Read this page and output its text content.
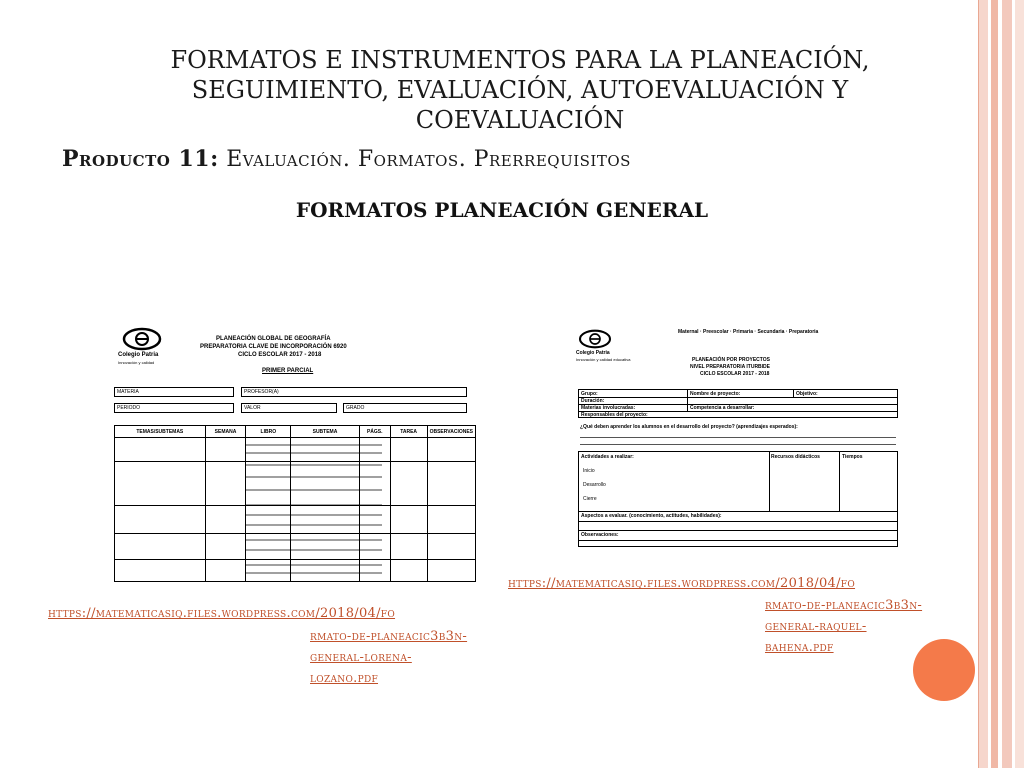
FORMATOS E INSTRUMENTOS PARA LA PLANEACIÓN, SEGUIMIENTO, EVALUACIÓN, AUTOEVALUACIÓN Y COEVALUACIÓN
Producto 11: Evaluación. Formatos. Prerrequisitos
FORMATOS PLANEACIÓN GENERAL
Colegio Patria
Innovación y calidad
PLANEACIÓN GLOBAL DE GEOGRAFÍA
PREPARATORIA CLAVE DE INCORPORACIÓN 6920
CICLO ESCOLAR 2017 - 2018
PRIMER PARCIAL
MATERIA	PROFESOR(A)
PERIODO	VALOR	GRADO
TEMAS/SUBTEMAS	SEMANA	LIBRO	SUBTEMA	PÁGS.	TAREA	OBSERVACIONES

Colegio Patria
Innovación y calidad educativa
Maternal · Preescolar · Primaria · Secundaria · Preparatoria
PLANEACIÓN POR PROYECTOS
NIVEL PREPARATORIA ITURBIDE
CICLO ESCOLAR 2017 - 2018
Grupo:	Nombre de proyecto:	Objetivo:
Duración:
Materias involucradas:	Competencia a desarrollar:
Responsables del proyecto:
¿Qué deben aprender los alumnos en el desarrollo del proyecto? (aprendizajes esperados):
Actividades a realizar:	Recursos didácticos	Tiempos
Inicio
Desarrollo
Cierre
Aspectos a evaluar. (conocimiento, actitudes, habilidades):
Observaciones:
https://matematicasiq.files.wordpress.com/2018/04/fo
rmato-de-planeacic3b3n-
general-lorena-
lozano.pdf
https://matematicasiq.files.wordpress.com/2018/04/fo
rmato-de-planeacic3b3n-
general-raquel-
bahena.pdf
